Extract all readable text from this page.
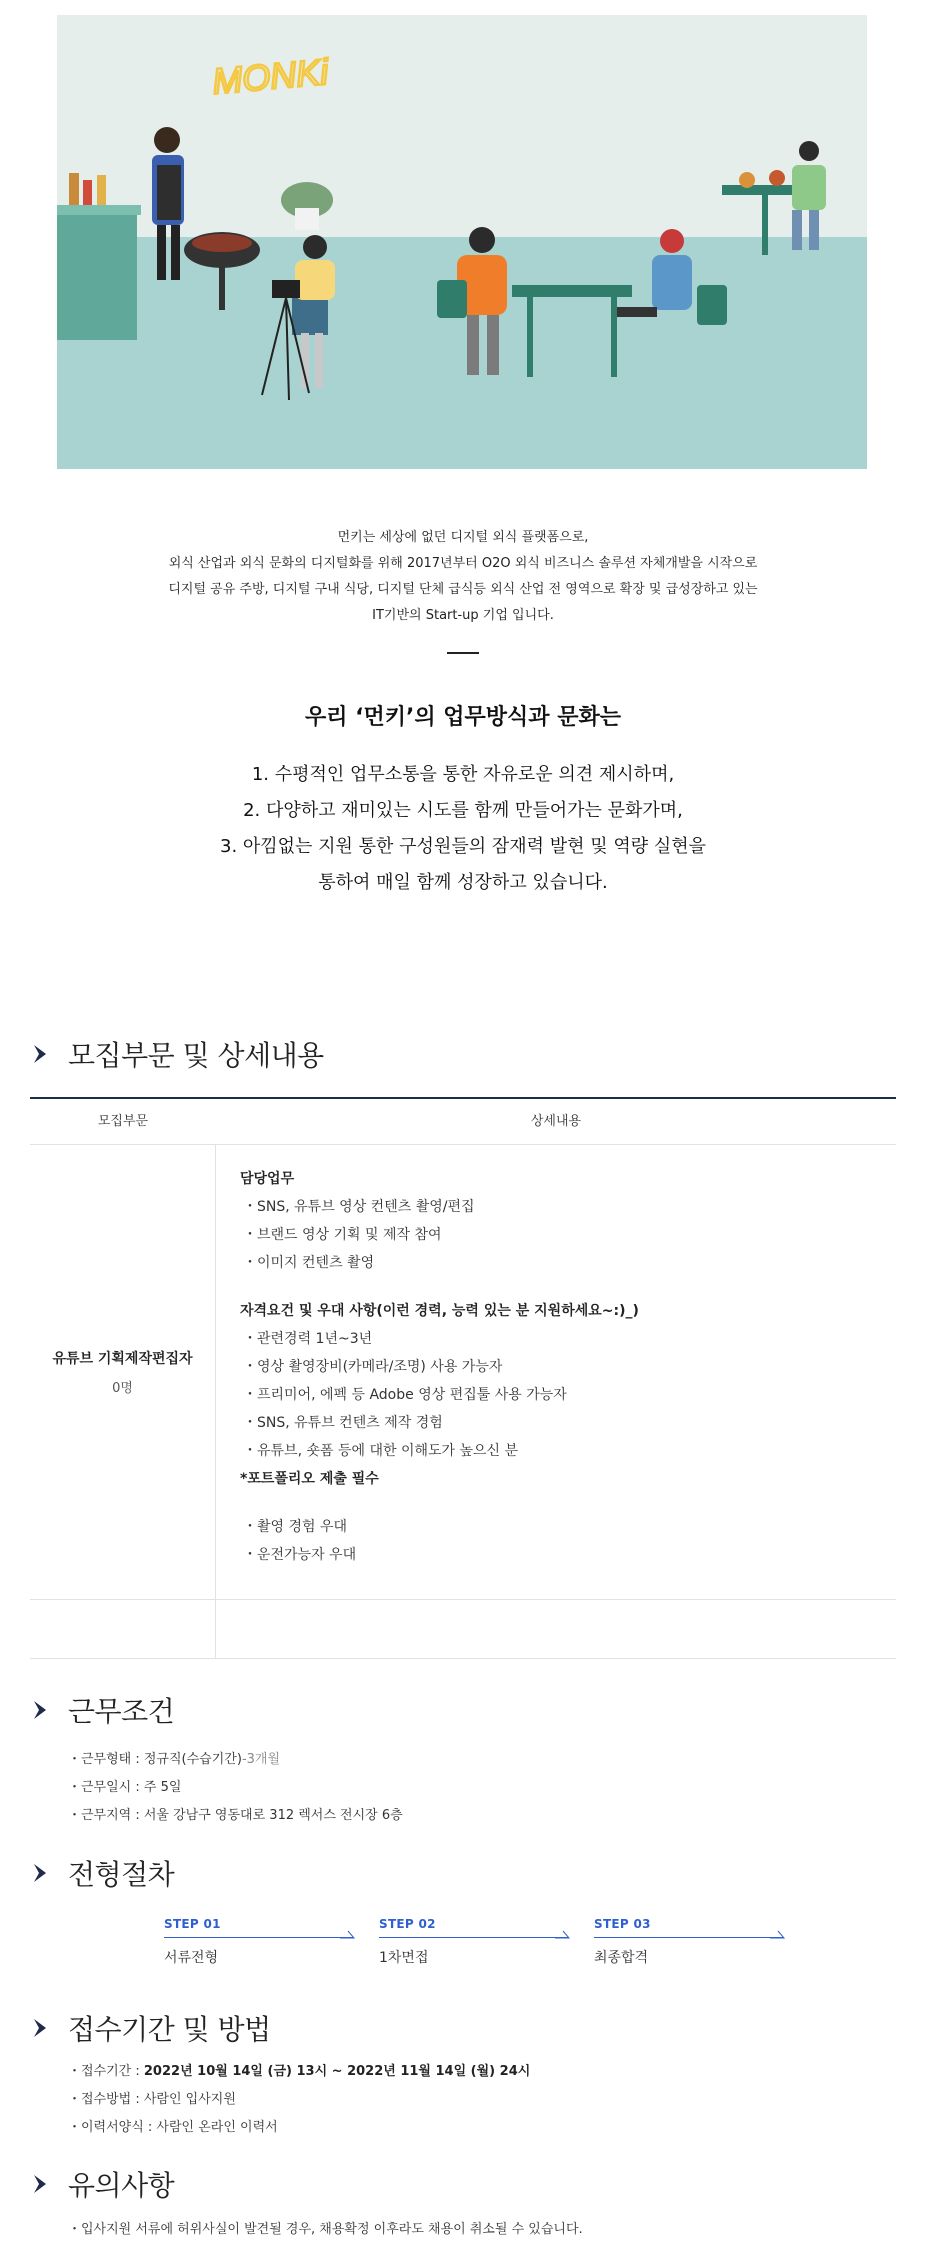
MONKi
먼키는 세상에 없던 디지털 외식 플랫폼으로,
외식 산업과 외식 문화의 디지털화를 위해 2017년부터 O2O 외식 비즈니스 솔루션 자체개발을 시작으로
디지털 공유 주방, 디지털 구내 식당, 디지털 단체 급식등 외식 산업 전 영역으로 확장 및 급성장하고 있는
IT기반의 Start-up 기업 입니다.
우리 ‘먼키’의 업무방식과 문화는
1. 수평적인 업무소통을 통한 자유로운 의견 제시하며,
2. 다양하고 재미있는 시도를 함께 만들어가는 문화가며,
3. 아낌없는 지원 통한 구성원들의 잠재력 발현 및 역량 실현을
통하여 매일 함께 성장하고 있습니다.
모집부문 및 상세내용
모집부문	상세내용
유튜브 기획제작편집자
0명
담당업무
・SNS, 유튜브 영상 컨텐츠 촬영/편집
・브랜드 영상 기획 및 제작 참여
・이미지 컨텐츠 촬영
자격요건 및 우대 사항(이런 경력, 능력 있는 분 지원하세요~:)_)
・관련경력 1년~3년
・영상 촬영장비(카메라/조명) 사용 가능자
・프리미어, 에펙 등 Adobe 영상 편집툴 사용 가능자
・SNS, 유튜브 컨텐츠 제작 경험
・유튜브, 숏폼 등에 대한 이해도가 높으신 분
*포트폴리오 제출 필수
・촬영 경험 우대
・운전가능자 우대
근무조건
・근무형태 : 정규직(수습기간)-3개월
・근무일시 : 주 5일
・근무지역 : 서울 강남구 영동대로 312 렉서스 전시장 6층
전형절차
STEP 01
서류전형
STEP 02
1차면접
STEP 03
최종합격
접수기간 및 방법
・접수기간 : 2022년 10월 14일 (금) 13시 ~ 2022년 11월 14일 (월) 24시
・접수방법 : 사람인 입사지원
・이력서양식 : 사람인 온라인 이력서
유의사항
・입사지원 서류에 허위사실이 발견될 경우, 채용확정 이후라도 채용이 취소될 수 있습니다.
